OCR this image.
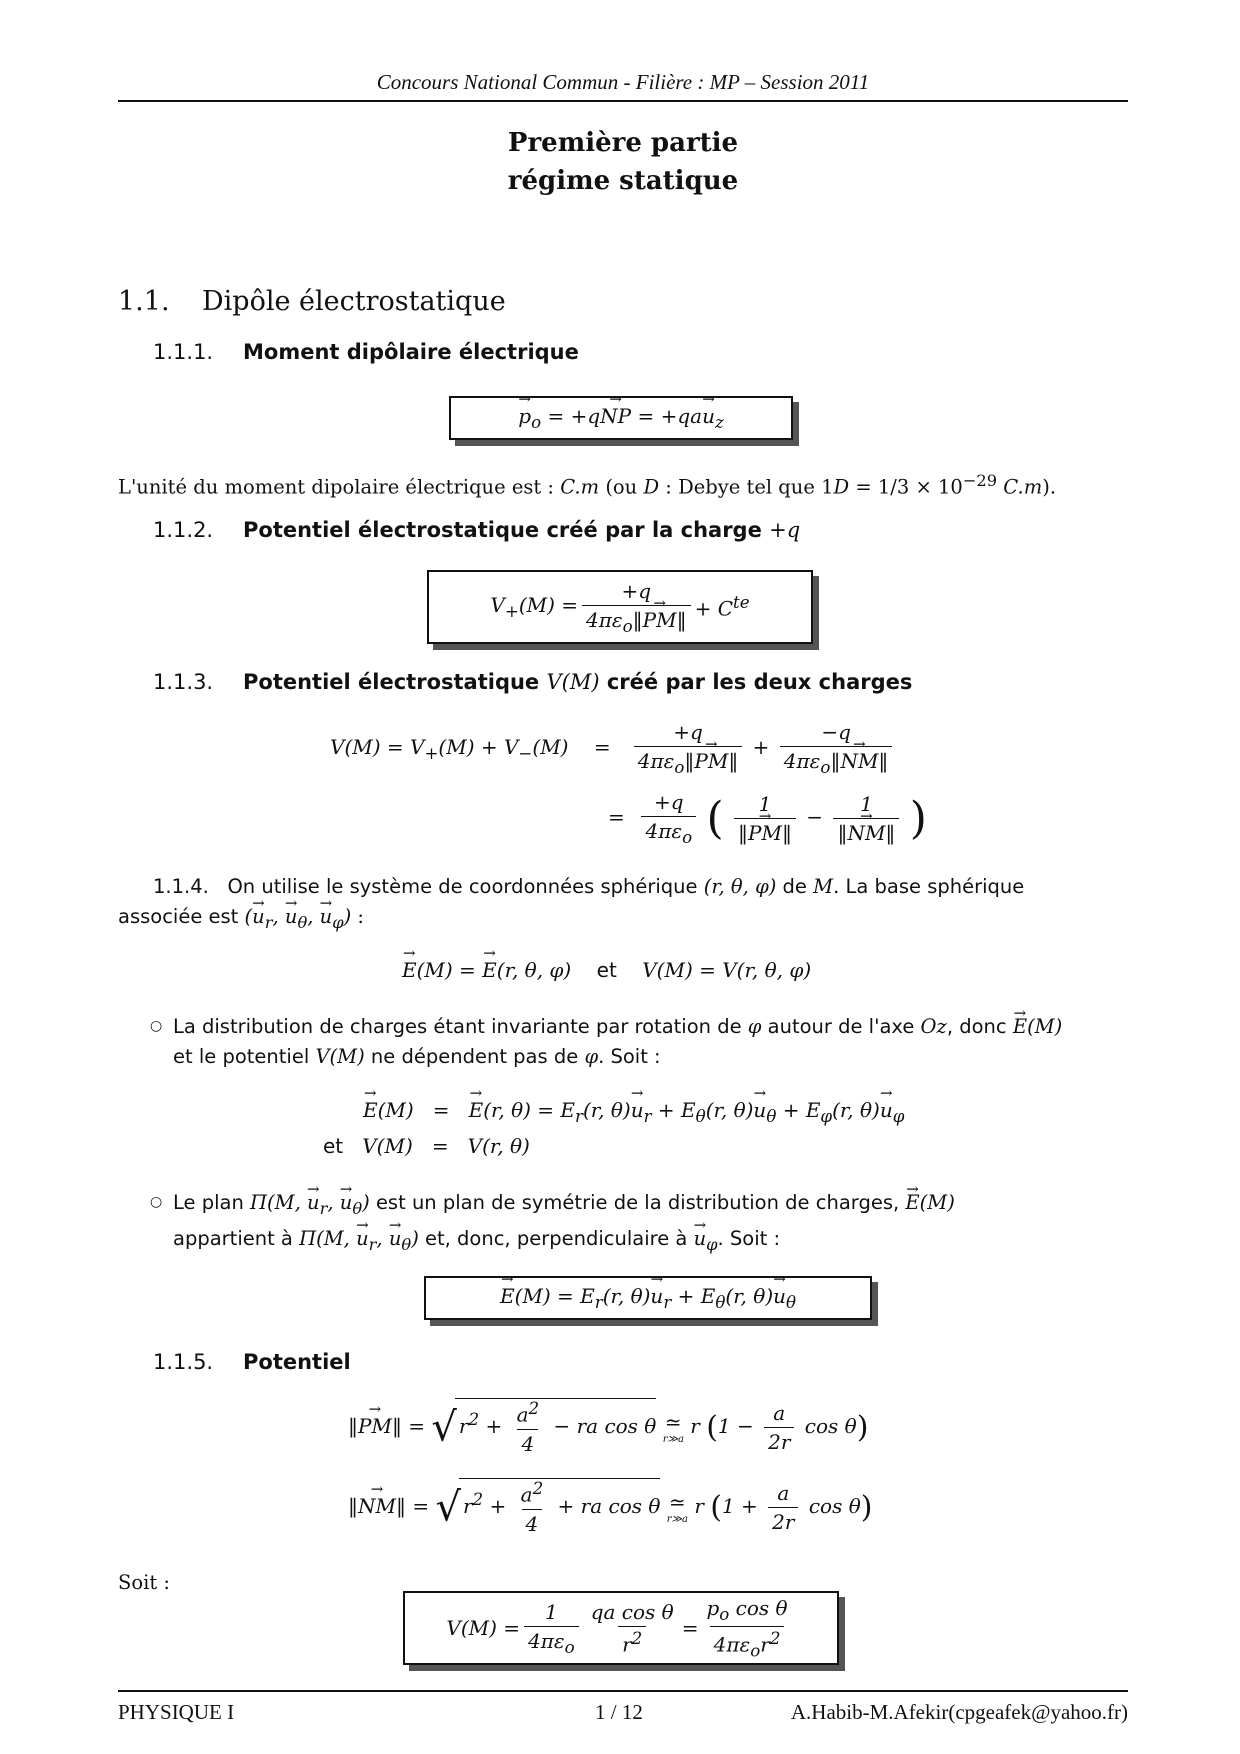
Concours National Commun - Filière : MP – Session 2011
Première partie
régime statique
1.1. Dipôle électrostatique
1.1.1. Moment dipôlaire électrique
→ $p_o = +q\to$ NP = $+qa\to u_z$
L'unité du moment dipolaire électrique est : C.m (ou D : Debye tel que $1D = 1/3 \times 10^{-29}$ C.m).
1.1.2. Potentiel électrostatique créé par la charge +q
$V_+(M) = \frac{+q}{4\pi\varepsilon_o‖\to PM‖} + C^{te}$
1.1.3. Potentiel électrostatique V(M) créé par les deux charges
$V(M) = V_+(M) + V_-(M)$    = $\frac{+q}{4\pi\varepsilon_o‖\to PM‖} + \frac{-q}{4\pi\varepsilon_o‖\to NM‖}$
= $\frac{+q}{4\pi\varepsilon_o}$ ( $\frac{1}{‖\to PM‖} - \frac{1}{‖\to NM‖}$ )
1.1.4. On utilise le système de coordonnées sphérique (r, θ, φ) de M. La base sphérique
associée est (→ $u_r$, → $u_\theta$, → $u_\varphi$) :
→ E(M) = → E(r, θ, φ)    et    V(M) = V(r, θ, φ)
○ La distribution de charges étant invariante par rotation de φ autour de l'axe Oz, donc → E(M)
et le potentiel V(M) ne dépendent pas de φ. Soit :
→ E(M)   =   → E(r, $\theta) = E_r(r$, $\theta)\to u_r + E_\theta(r$, $\theta)\to u_\theta + E_\varphi(r$, $\theta)\to u_\varphi$
et   V(M)   =   V(r, θ)
○ Le plan Π(M, → $u_r$, → $u_\theta$) est un plan de symétrie de la distribution de charges, → E(M)
appartient à Π(M, → $u_r$, → $u_\theta$) et, donc, perpendiculaire à → $u_\varphi$. Soit :
→ $E(M) = E_r(r$, $\theta)\to u_r + E_\theta(r$, $\theta)\to u_\theta$
1.1.5. Potentiel
‖→ PM‖ = √ $r^2 + \frac{a^2}{4}$ − ra cos θ ≃
r≫a
r ($1 - \frac{a}{2r}$ cos θ)
‖→ NM‖ = √ $r^2 + \frac{a^2}{4}$ + ra cos θ ≃
r≫a
r ($1 + \frac{a}{2r}$ cos θ)
Soit :
$V(M) = \frac{1}{4\pi\varepsilon_o} \frac{\text{qa cos θ}}{r^2} = \frac{p_o \cos \theta}{4\pi\varepsilon_or^2}$
PHYSIQUE I	1 / 12	A.Habib-M.Afekir(cpgeafek@yahoo.fr)
